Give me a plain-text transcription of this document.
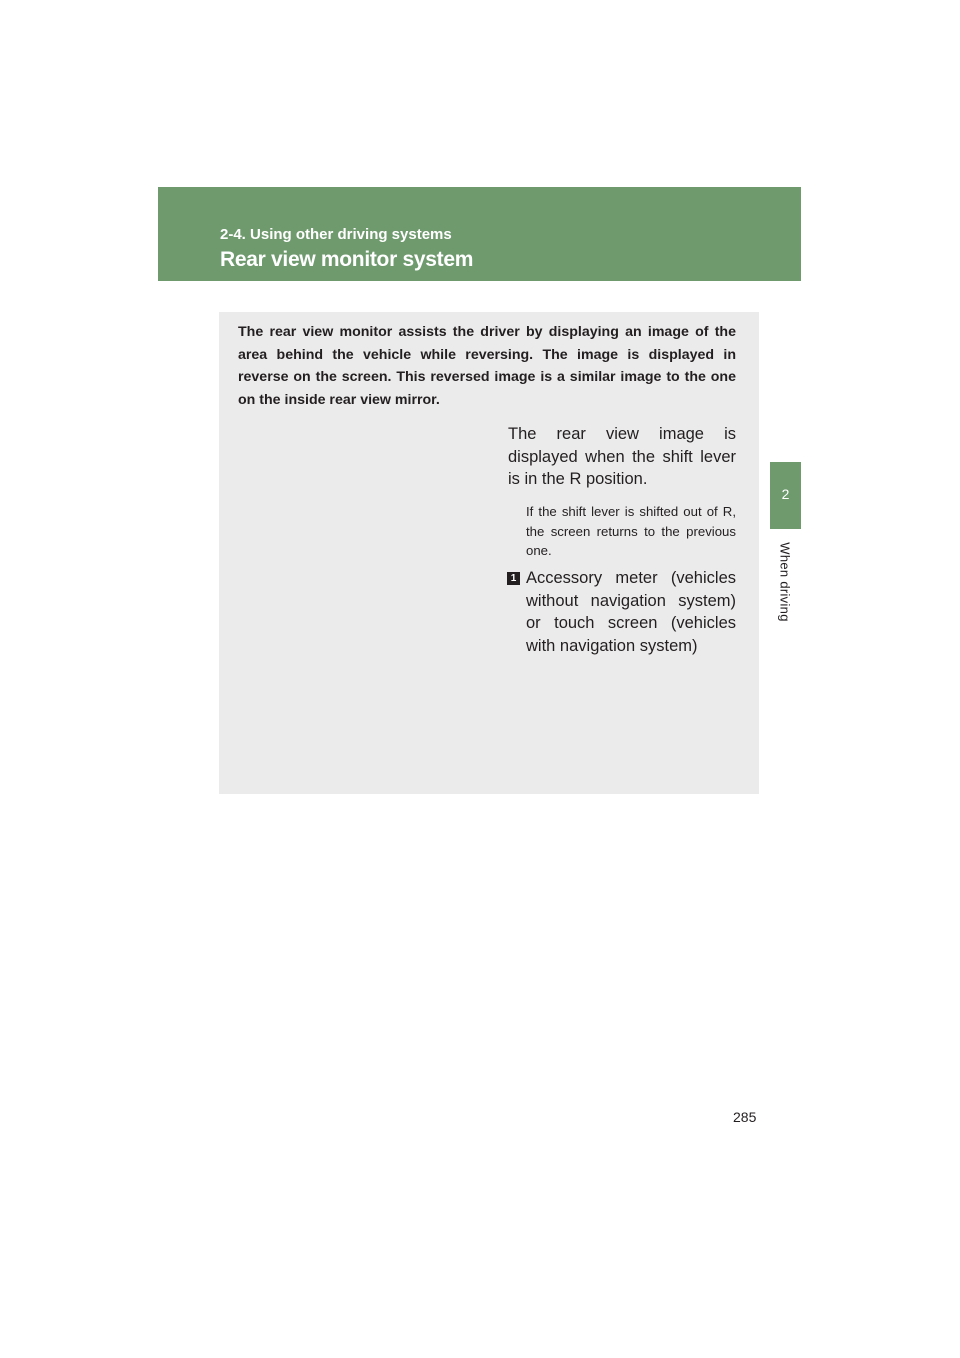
2-4. Using other driving systems
Rear view monitor system
2
When driving
The rear view monitor assists the driver by displaying an image of the area behind the vehicle while reversing. The image is displayed in reverse on the screen. This reversed image is a similar image to the one on the inside rear view mirror.
The rear view image is displayed when the shift lever is in the R position.
If the shift lever is shifted out of R, the screen returns to the previous one.
1 Accessory meter (vehicles without navigation system) or touch screen (vehicles with navigation system)
285
